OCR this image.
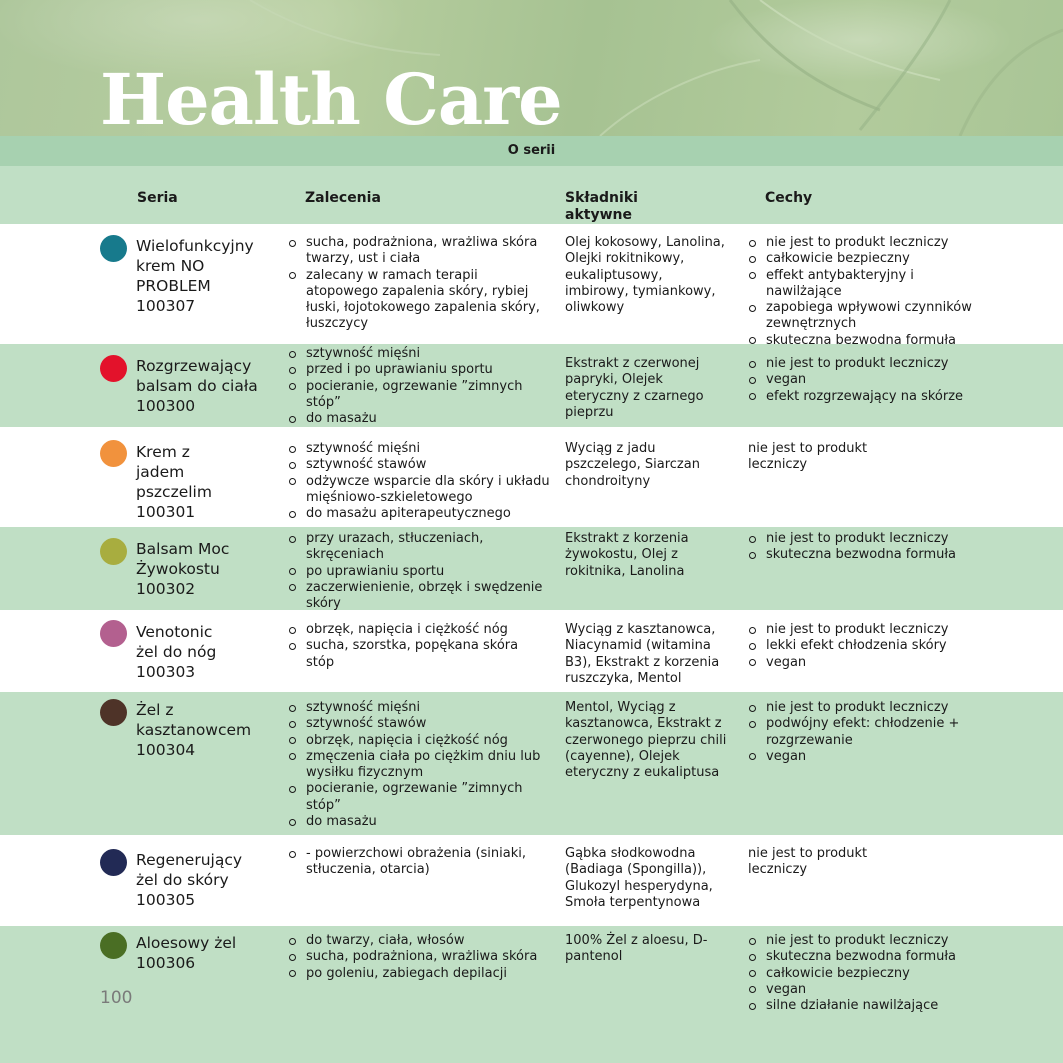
Health Care
O serii
Seria	Zalecenia	Składniki
aktywne
Cechy
Wielofunkcyjny
krem NO
PROBLEM
100307
sucha, podrażniona, wrażliwa skóra twarzy, ust i ciała
zalecany w ramach terapii atopowego zapalenia skóry, rybiej łuski, łojotokowego zapalenia skóry, łuszczycy
Olej kokosowy, Lanolina, Olejki rokitnikowy, eukaliptusowy, imbirowy, tymiankowy, oliwkowy
nie jest to produkt leczniczy
całkowicie bezpieczny
effekt antybakteryjny i nawilżające
zapobiega wpływowi czynników zewnętrznych
skuteczna bezwodna formuła
Rozgrzewający
balsam do ciała
100300
sztywność mięśni
przed i po uprawianiu sportu
pocieranie, ogrzewanie ”zimnych stóp”
do masażu
Ekstrakt z czerwonej papryki, Olejek eteryczny z czarnego pieprzu
nie jest to produkt leczniczy
vegan
efekt rozgrzewający na skórze
Krem z
jadem
pszczelim
100301
sztywność mięśni
sztywność stawów
odżywcze wsparcie dla skóry i układu mięśniowo-szkieletowego
do masażu apiterapeutycznego
Wyciąg z jadu pszczelego, Siarczan chondroityny
nie jest to produkt
leczniczy
Balsam Moc
Żywokostu
100302
przy urazach, stłuczeniach, skręceniach
po uprawianiu sportu
zaczerwienienie, obrzęk i swędzenie skóry
Ekstrakt z korzenia żywokostu, Olej z rokitnika, Lanolina
nie jest to produkt leczniczy
skuteczna bezwodna formuła
Venotonic
żel do nóg
100303
obrzęk, napięcia i ciężkość nóg
sucha, szorstka, popękana skóra stóp
Wyciąg z kasztanowca, Niacynamid (witamina B3), Ekstrakt z korzenia ruszczyka, Mentol
nie jest to produkt leczniczy
lekki efekt chłodzenia skóry
vegan
Żel z
kasztanowcem
100304
sztywność mięśni
sztywność stawów
obrzęk, napięcia i ciężkość nóg
zmęczenia ciała po ciężkim dniu lub wysiłku fizycznym
pocieranie, ogrzewanie ”zimnych stóp”
do masażu
Mentol, Wyciąg z kasztanowca, Ekstrakt z czerwonego pieprzu chili (cayenne), Olejek eteryczny z eukaliptusa
nie jest to produkt leczniczy
podwójny efekt: chłodzenie + rozgrzewanie
vegan
Regenerujący
żel do skóry
100305
- powierzchowi obrażenia (siniaki, stłuczenia, otarcia)
Gąbka słodkowodna (Badiaga (Spongilla)), Glukozyl hesperydyna, Smoła terpentynowa
nie jest to produkt
leczniczy
Aloesowy żel
100306
do twarzy, ciała, włosów
sucha, podrażniona, wrażliwa skóra
po goleniu, zabiegach depilacji
100% Żel z aloesu, D-pantenol
nie jest to produkt leczniczy
skuteczna bezwodna formuła
całkowicie bezpieczny
vegan
silne działanie nawilżające
100
